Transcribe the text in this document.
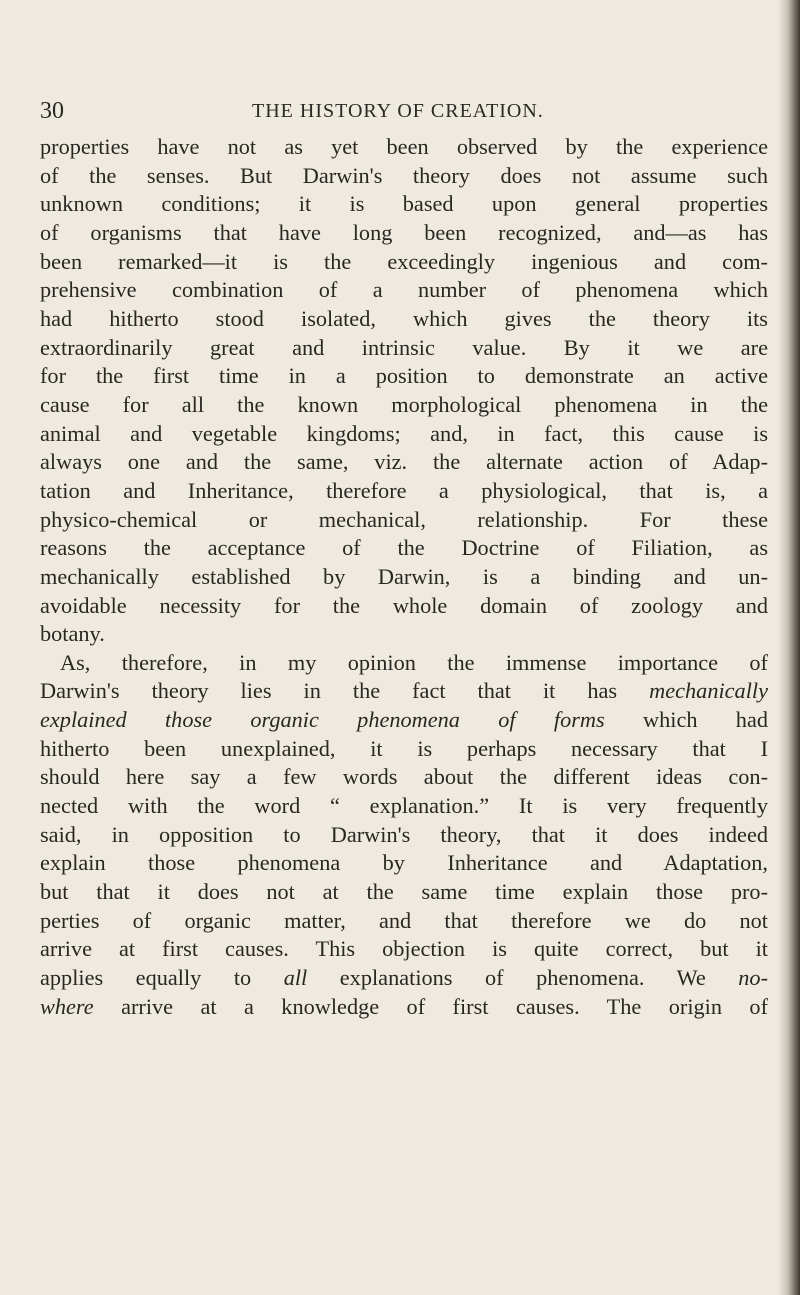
30	THE HISTORY OF CREATION.
properties have not as yet been observed by the experience
of the senses. But Darwin's theory does not assume such
unknown conditions; it is based upon general properties
of organisms that have long been recognized, and—as has
been remarked—it is the exceedingly ingenious and com-
prehensive combination of a number of phenomena which
had hitherto stood isolated, which gives the theory its
extraordinarily great and intrinsic value. By it we are
for the first time in a position to demonstrate an active
cause for all the known morphological phenomena in the
animal and vegetable kingdoms; and, in fact, this cause is
always one and the same, viz. the alternate action of Adap-
tation and Inheritance, therefore a physiological, that is, a
physico-chemical or mechanical, relationship. For these
reasons the acceptance of the Doctrine of Filiation, as
mechanically established by Darwin, is a binding and un-
avoidable necessity for the whole domain of zoology and
botany.
As, therefore, in my opinion the immense importance of
Darwin's theory lies in the fact that it has mechanically
explained those organic phenomena of forms which had
hitherto been unexplained, it is perhaps necessary that I
should here say a few words about the different ideas con-
nected with the word “ explanation.” It is very frequently
said, in opposition to Darwin's theory, that it does indeed
explain those phenomena by Inheritance and Adaptation,
but that it does not at the same time explain those pro-
perties of organic matter, and that therefore we do not
arrive at first causes. This objection is quite correct, but it
applies equally to all explanations of phenomena. We no-
where arrive at a knowledge of first causes. The origin of
